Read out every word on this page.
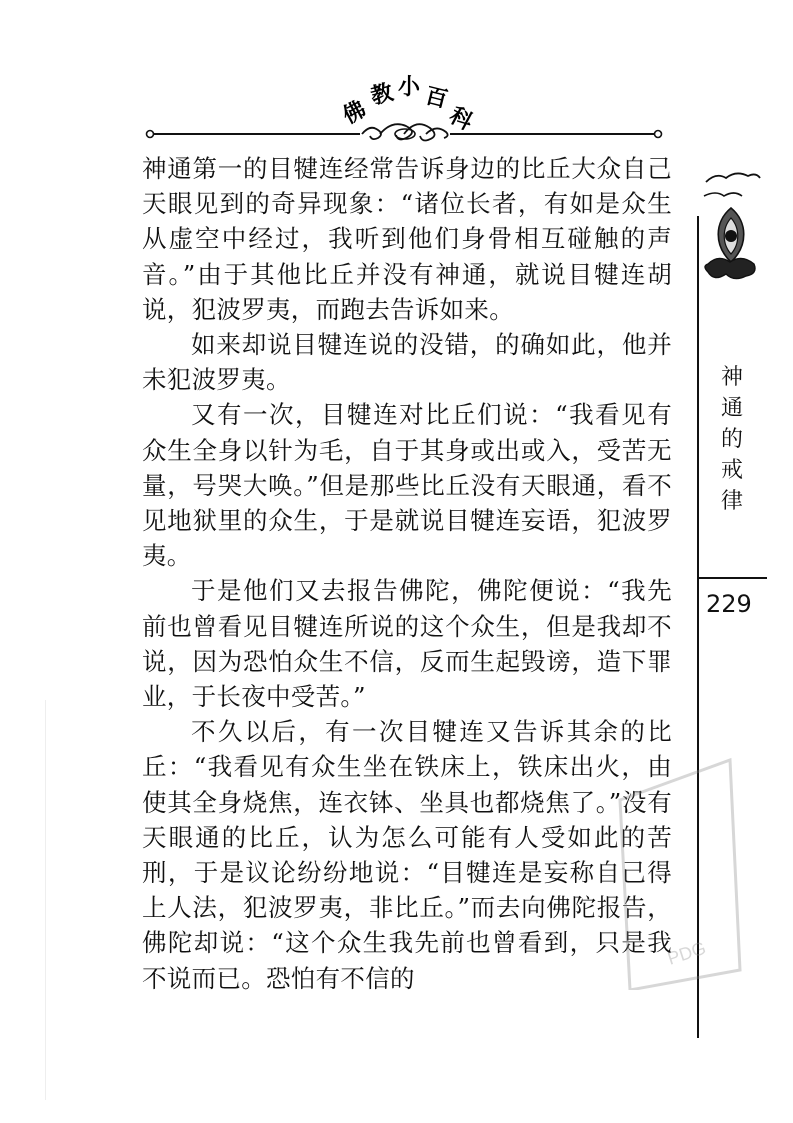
佛
教 小 百
科

神通第一的目犍连经常告诉身边的比丘大众自己天眼见到的奇异现象：“诸位长者，有如是众生从虚空中经过，我听到他们身骨相互碰触的声音。”由于其他比丘并没有神通，就说目犍连胡说，犯波罗夷，而跑去告诉如来。

如来却说目犍连说的没错，的确如此，他并未犯波罗夷。

又有一次，目犍连对比丘们说：“我看见有众生全身以针为毛，自于其身或出或入，受苦无量，号哭大唤。”但是那些比丘没有天眼通，看不见地狱里的众生，于是就说目犍连妄语，犯波罗夷。

于是他们又去报告佛陀，佛陀便说：“我先前也曾看见目犍连所说的这个众生，但是我却不说，因为恐怕众生不信，反而生起毁谤，造下罪业，于长夜中受苦。”

不久以后，有一次目犍连又告诉其余的比丘：“我看见有众生坐在铁床上，铁床出火，由使其全身烧焦，连衣钵、坐具也都烧焦了。”没有天眼通的比丘，认为怎么可能有人受如此的苦刑，于是议论纷纷地说：“目犍连是妄称自己得上人法，犯波罗夷，非比丘。”而去向佛陀报告，佛陀却说：“这个众生我先前也曾看到，只是我不说而已。恐怕有不信的

神
通
的
戒
律
229
PDG
